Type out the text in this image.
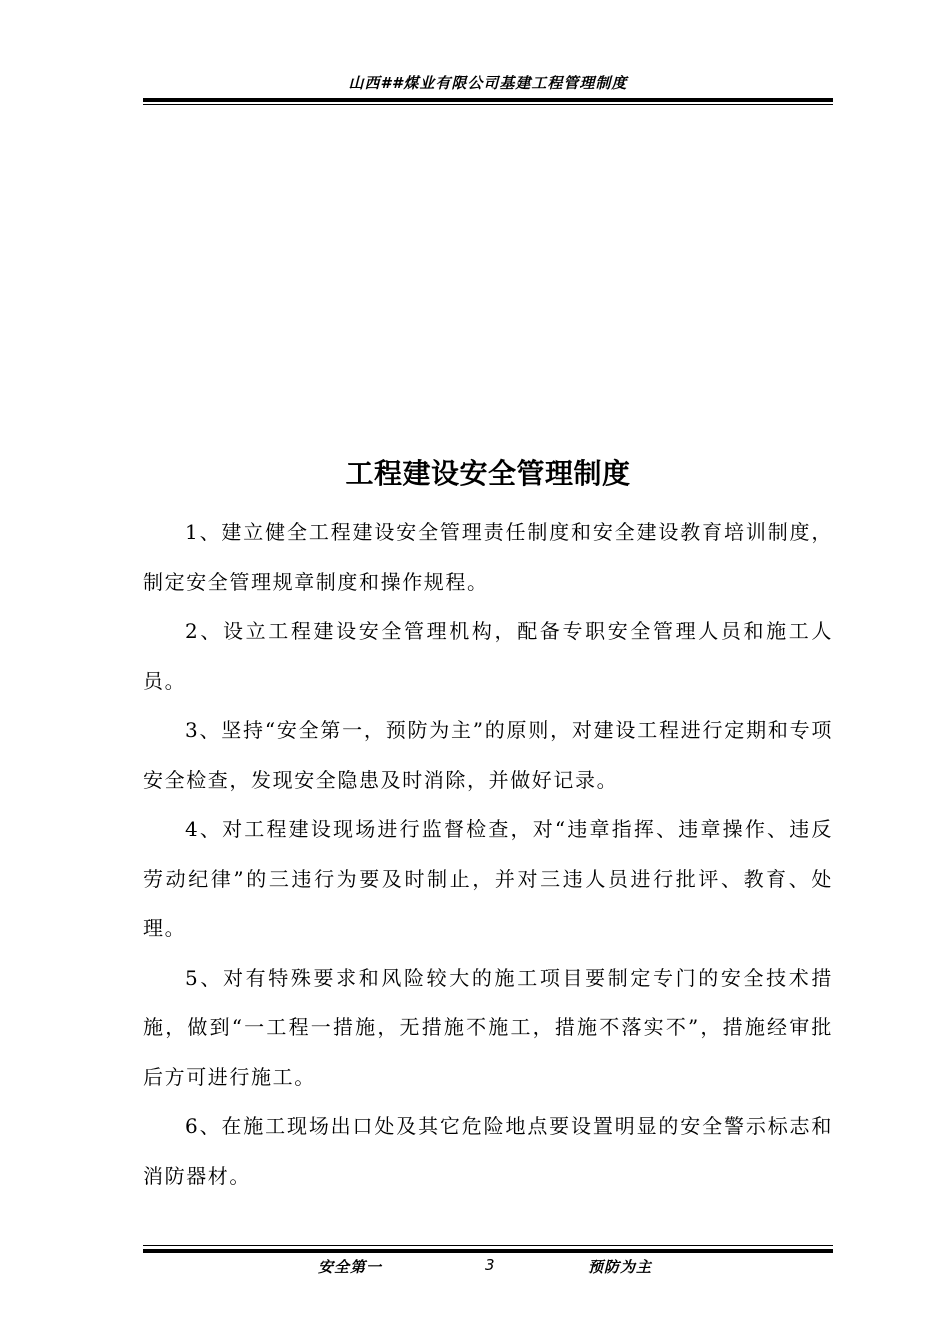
山西##煤业有限公司基建工程管理制度
工程建设安全管理制度

1、建立健全工程建设安全管理责任制度和安全建设教育培训制度，制定安全管理规章制度和操作规程。

2、设立工程建设安全管理机构，配备专职安全管理人员和施工人员。

3、坚持“安全第一，预防为主”的原则，对建设工程进行定期和专项安全检查，发现安全隐患及时消除，并做好记录。

4、对工程建设现场进行监督检查，对“违章指挥、违章操作、违反劳动纪律”的三违行为要及时制止，并对三违人员进行批评、教育、处理。

5、对有特殊要求和风险较大的施工项目要制定专门的安全技术措施，做到“一工程一措施，无措施不施工，措施不落实不”，措施经审批后方可进行施工。

6、在施工现场出口处及其它危险地点要设置明显的安全警示标志和消防器材。

安全第一	3	预防为主
